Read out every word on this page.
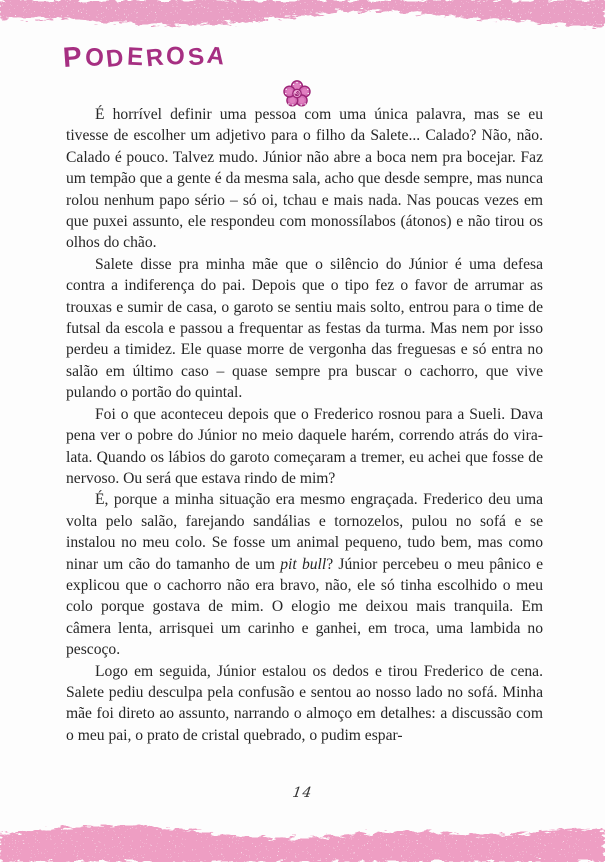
PODEROSA

É horrível definir uma pessoa com uma única palavra, mas se eu tivesse de escolher um adjetivo para o filho da Salete... Calado? Não, não. Calado é pouco. Talvez mudo. Júnior não abre a boca nem pra bocejar. Faz um tempão que a gente é da mesma sala, acho que desde sempre, mas nunca rolou nenhum papo sério – só oi, tchau e mais nada. Nas poucas vezes em que puxei assunto, ele respondeu com monossílabos (átonos) e não tirou os olhos do chão.

Salete disse pra minha mãe que o silêncio do Júnior é uma defesa contra a indiferença do pai. Depois que o tipo fez o favor de arrumar as trouxas e sumir de casa, o garoto se sentiu mais solto, entrou para o time de futsal da escola e passou a frequentar as festas da turma. Mas nem por isso perdeu a timidez. Ele quase morre de vergonha das freguesas e só entra no salão em último caso – quase sempre pra buscar o cachorro, que vive pulando o portão do quintal.

Foi o que aconteceu depois que o Frederico rosnou para a Sueli. Dava pena ver o pobre do Júnior no meio daquele harém, correndo atrás do vira-lata. Quando os lábios do garoto começaram a tremer, eu achei que fosse de nervoso. Ou será que estava rindo de mim?

É, porque a minha situação era mesmo engraçada. Frederico deu uma volta pelo salão, farejando sandálias e tornozelos, pulou no sofá e se instalou no meu colo. Se fosse um animal pequeno, tudo bem, mas como ninar um cão do tamanho de um pit bull? Júnior percebeu o meu pânico e explicou que o cachorro não era bravo, não, ele só tinha escolhido o meu colo porque gostava de mim. O elogio me deixou mais tranquila. Em câmera lenta, arrisquei um carinho e ganhei, em troca, uma lambida no pescoço.

Logo em seguida, Júnior estalou os dedos e tirou Frederico de cena. Salete pediu desculpa pela confusão e sentou ao nosso lado no sofá. Minha mãe foi direto ao assunto, narrando o almoço em detalhes: a discussão com o meu pai, o prato de cristal quebrado, o pudim espar-

14
